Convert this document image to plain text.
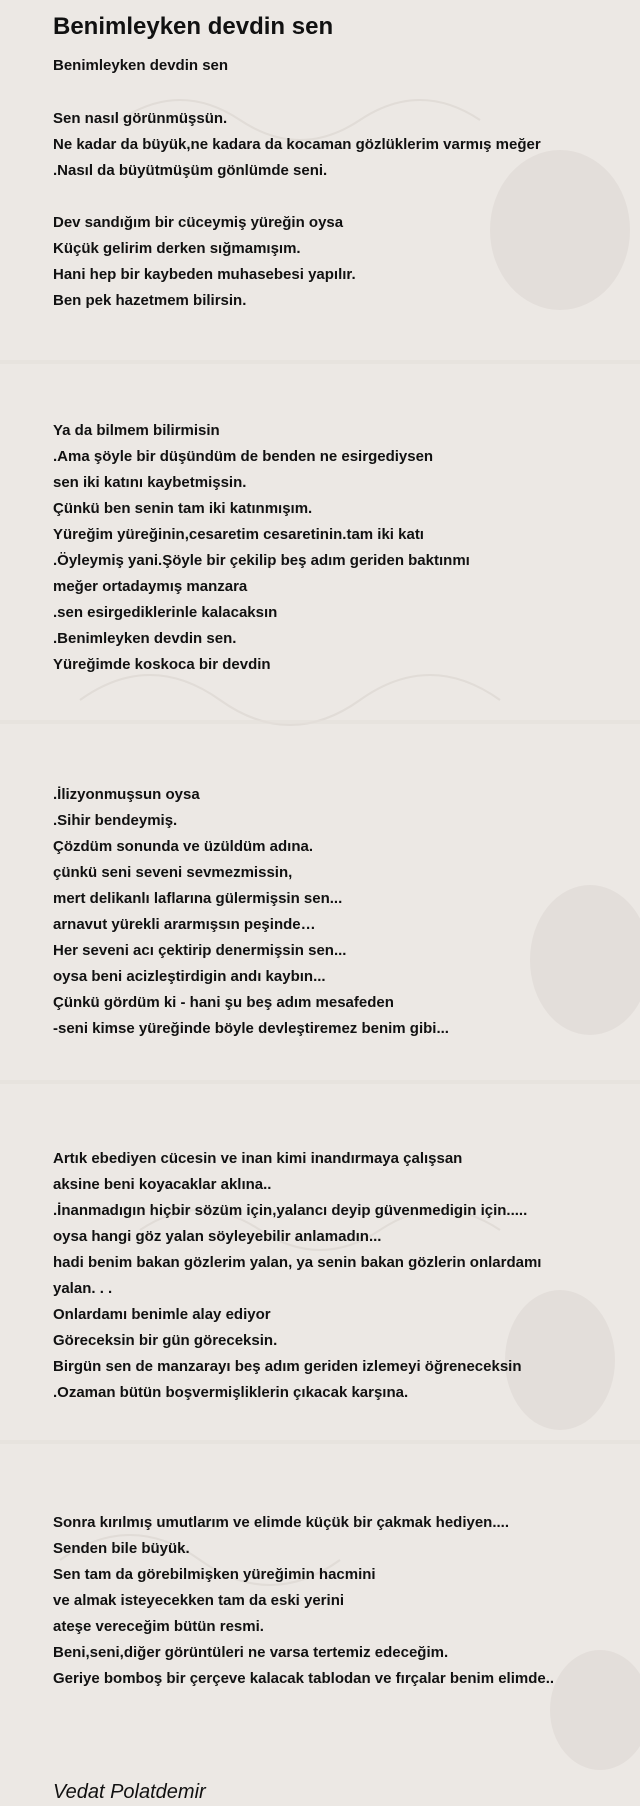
Benimleyken devdin sen
Benimleyken devdin sen
Sen nasıl görünmüşsün.
Ne kadar da büyük,ne kadara da kocaman gözlüklerim varmış meğer
.Nasıl da büyütmüşüm gönlümde seni.
Dev sandığım bir cüceymiş yüreğin oysa
Küçük gelirim derken sığmamışım.
Hani hep bir kaybeden muhasebesi yapılır.
Ben pek hazetmem bilirsin.
Ya da bilmem bilirmisin
.Ama şöyle bir düşündüm de benden ne esirgediysen
sen iki katını kaybetmişsin.
Çünkü ben senin tam iki katınmışım.
Yüreğim yüreğinin,cesaretim cesaretinin.tam iki katı
.Öyleymiş yani.Şöyle bir çekilip beş adım geriden baktınmı
meğer ortadaymış manzara
.sen esirgediklerinle kalacaksın
.Benimleyken devdin sen.
Yüreğimde koskoca bir devdin
.İlizyonmuşsun oysa
.Sihir bendeymiş.
Çözdüm sonunda ve üzüldüm adına.
çünkü seni seveni sevmezmissin,
mert delikanlı laflarına gülermişsin sen...
arnavut yürekli ararmışsın peşinde…
Her seveni acı çektirip denermişsin sen...
oysa beni acizleştirdigin andı kaybın...
Çünkü gördüm ki - hani şu beş adım mesafeden
-seni kimse yüreğinde böyle devleştiremez benim gibi...
Artık ebediyen cücesin ve inan kimi inandırmaya çalışsan
aksine beni koyacaklar aklına..
.İnanmadıgın hiçbir sözüm için,yalancı deyip güvenmedigin için.....
oysa hangi göz yalan söyleyebilir anlamadın...
hadi benim bakan gözlerim yalan, ya senin bakan gözlerin onlardamı
yalan. . .
Onlardamı benimle alay ediyor
Göreceksin bir gün göreceksin.
Birgün sen de manzarayı beş adım geriden izlemeyi öğreneceksin
.Ozaman bütün boşvermişliklerin çıkacak karşına.
Sonra kırılmış umutlarım ve elimde küçük bir çakmak hediyen....
Senden bile büyük.
Sen tam da görebilmişken yüreğimin hacmini
ve almak isteyecekken tam da eski yerini
ateşe vereceğim bütün resmi.
Beni,seni,diğer görüntüleri ne varsa tertemiz edeceğim.
Geriye bomboş bir çerçeve kalacak tablodan ve fırçalar benim elimde..
Vedat Polatdemir
